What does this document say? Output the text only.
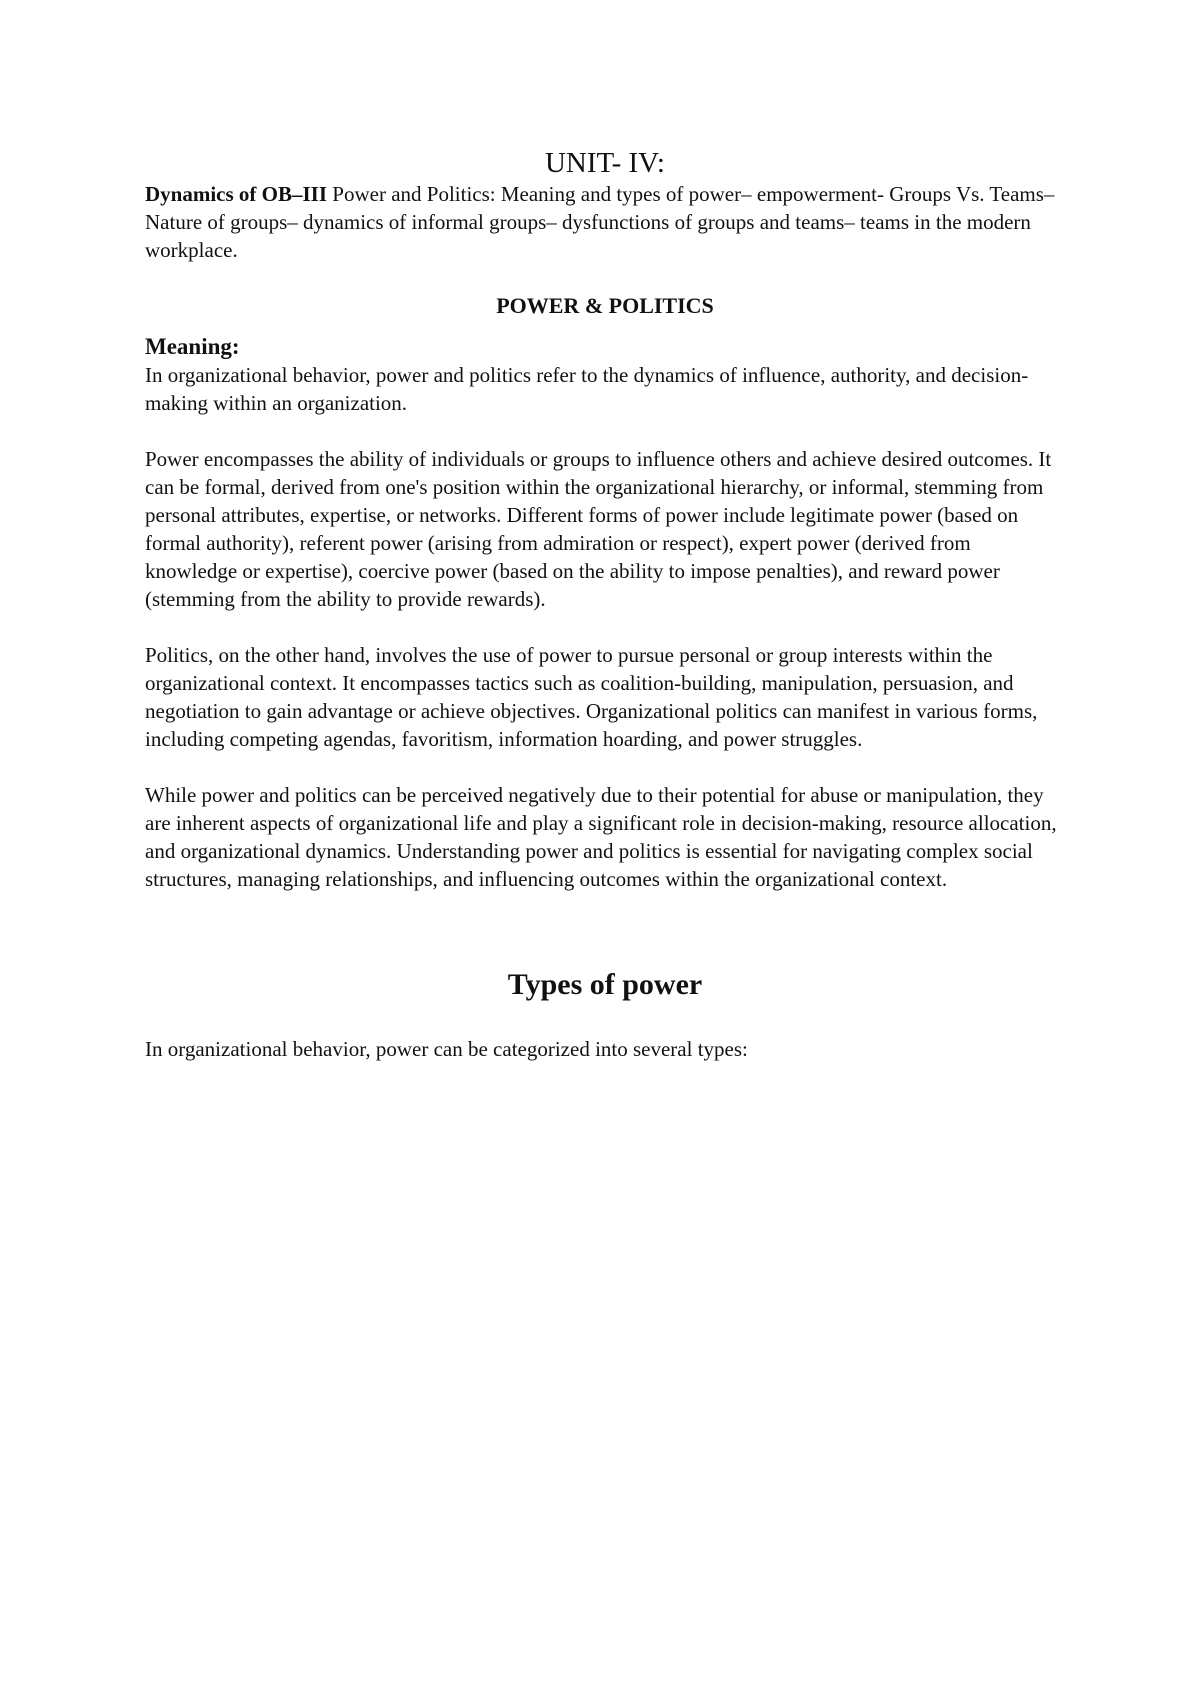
UNIT- IV:

Dynamics of OB–III Power and Politics: Meaning and types of power– empowerment- Groups Vs. Teams– Nature of groups– dynamics of informal groups– dysfunctions of groups and teams– teams in the modern workplace.

POWER & POLITICS
Meaning:

In organizational behavior, power and politics refer to the dynamics of influence, authority, and decision-making within an organization.

Power encompasses the ability of individuals or groups to influence others and achieve desired outcomes. It can be formal, derived from one's position within the organizational hierarchy, or informal, stemming from personal attributes, expertise, or networks. Different forms of power include legitimate power (based on formal authority), referent power (arising from admiration or respect), expert power (derived from knowledge or expertise), coercive power (based on the ability to impose penalties), and reward power (stemming from the ability to provide rewards).

Politics, on the other hand, involves the use of power to pursue personal or group interests within the organizational context. It encompasses tactics such as coalition-building, manipulation, persuasion, and negotiation to gain advantage or achieve objectives. Organizational politics can manifest in various forms, including competing agendas, favoritism, information hoarding, and power struggles.

While power and politics can be perceived negatively due to their potential for abuse or manipulation, they are inherent aspects of organizational life and play a significant role in decision-making, resource allocation, and organizational dynamics. Understanding power and politics is essential for navigating complex social structures, managing relationships, and influencing outcomes within the organizational context.

Types of power

In organizational behavior, power can be categorized into several types:
